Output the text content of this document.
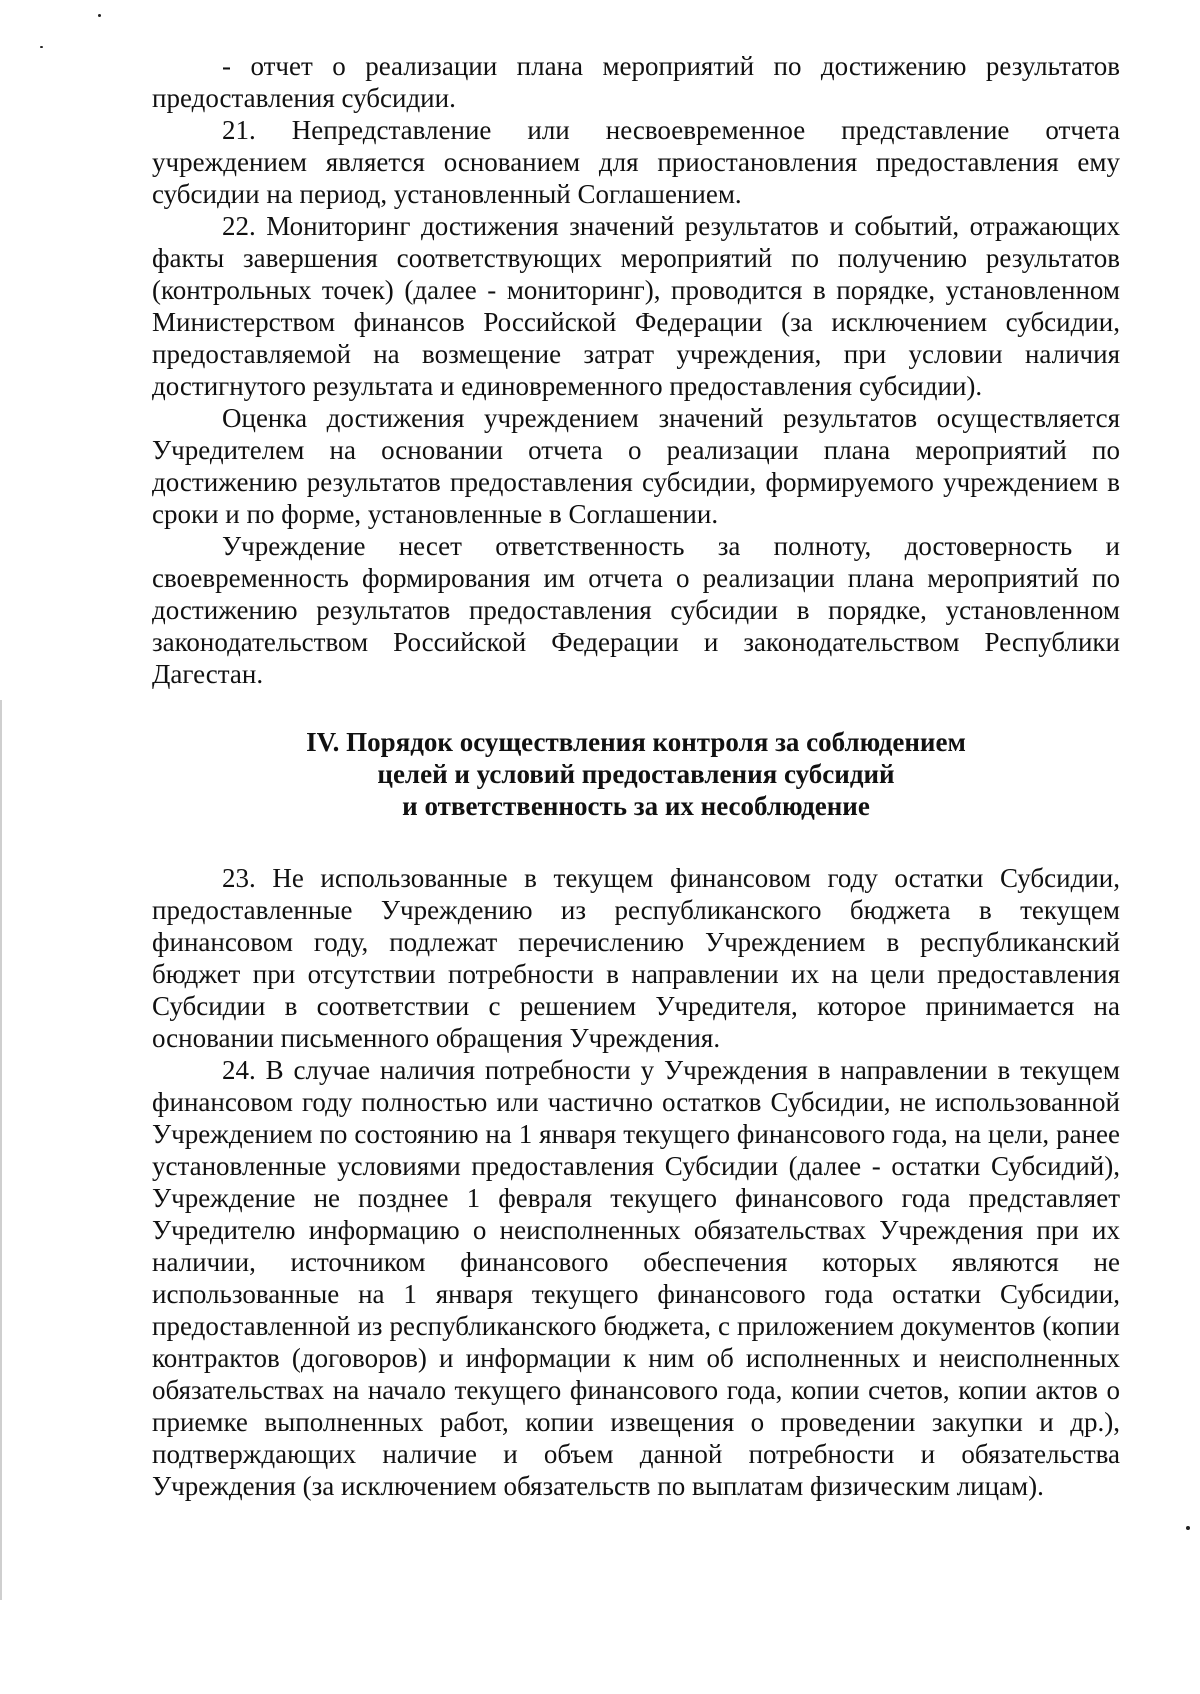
- отчет о реализации плана мероприятий по достижению результатов предоставления субсидии.

21. Непредставление или несвоевременное представление отчета учреждением является основанием для приостановления предоставления ему субсидии на период, установленный Соглашением.

22. Мониторинг достижения значений результатов и событий, отражающих факты завершения соответствующих мероприятий по получению результатов (контрольных точек) (далее - мониторинг), проводится в порядке, установленном Министерством финансов Российской Федерации (за исключением субсидии, предоставляемой на возмещение затрат учреждения, при условии наличия достигнутого результата и единовременного предоставления субсидии).

Оценка достижения учреждением значений результатов осуществляется Учредителем на основании отчета о реализации плана мероприятий по достижению результатов предоставления субсидии, формируемого учреждением в сроки и по форме, установленные в Соглашении.

Учреждение несет ответственность за полноту, достоверность и своевременность формирования им отчета о реализации плана мероприятий по достижению результатов предоставления субсидии в порядке, установленном законодательством Российской Федерации и законодательством Республики Дагестан.

IV. Порядок осуществления контроля за соблюдением
целей и условий предоставления субсидий
и ответственность за их несоблюдение

23. Не использованные в текущем финансовом году остатки Субсидии, предоставленные Учреждению из республиканского бюджета в текущем финансовом году, подлежат перечислению Учреждением в республиканский бюджет при отсутствии потребности в направлении их на цели предоставления Субсидии в соответствии с решением Учредителя, которое принимается на основании письменного обращения Учреждения.

24. В случае наличия потребности у Учреждения в направлении в текущем финансовом году полностью или частично остатков Субсидии, не использованной Учреждением по состоянию на 1 января текущего финансового года, на цели, ранее установленные условиями предоставления Субсидии (далее - остатки Субсидий), Учреждение не позднее 1 февраля текущего финансового года представляет Учредителю информацию о неисполненных обязательствах Учреждения при их наличии, источником финансового обеспечения которых являются не использованные на 1 января текущего финансового года остатки Субсидии, предоставленной из республиканского бюджета, с приложением документов (копии контрактов (договоров) и информации к ним об исполненных и неисполненных обязательствах на начало текущего финансового года, копии счетов, копии актов о приемке выполненных работ, копии извещения о проведении закупки и др.), подтверждающих наличие и объем данной потребности и обязательства Учреждения (за исключением обязательств по выплатам физическим лицам).
